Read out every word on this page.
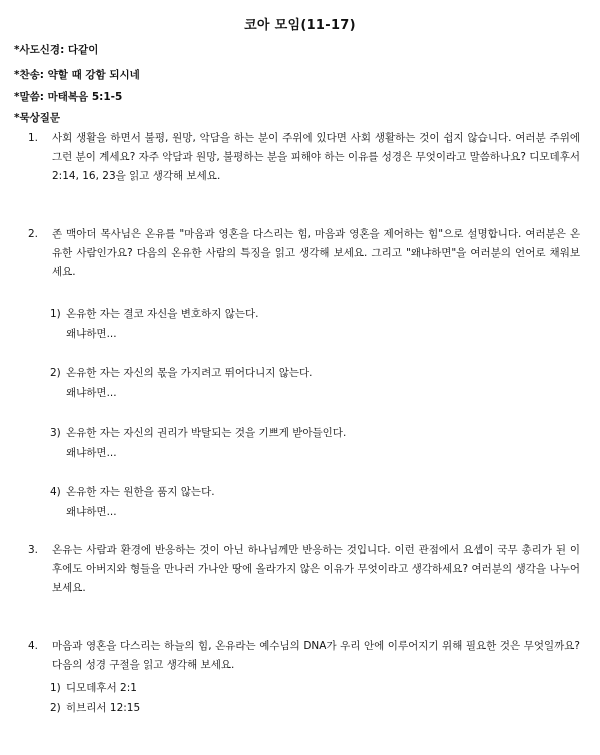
코아 모임(11-17)
*사도신경: 다같이
*찬송: 약할 때 강함 되시네
*말씀: 마태복음 5:1-5
*묵상질문
1. 사회 생활을 하면서 불평, 원망, 악담을 하는 분이 주위에 있다면 사회 생활하는 것이 쉽지 않습니다. 여러분 주위에 그런 분이 계세요? 자주 악담과 원망, 불평하는 분을 피해야 하는 이유를 성경은 무엇이라고 말씀하나요? 디모데후서 2:14, 16, 23을 읽고 생각해 보세요.
2. 존 맥아더 목사님은 온유를 "마음과 영혼을 다스리는 힘, 마음과 영혼을 제어하는 힘"으로 설명합니다. 여러분은 온유한 사람인가요? 다음의 온유한 사람의 특징을 읽고 생각해 보세요. 그리고 "왜냐하면"을 여러분의 언어로 채워보세요.
1) 온유한 자는 결코 자신을 변호하지 않는다.
왜냐하면...
2) 온유한 자는 자신의 몫을 가지려고 뛰어다니지 않는다.
왜냐하면...
3) 온유한 자는 자신의 권리가 박탈되는 것을 기쁘게 받아들인다.
왜냐하면...
4) 온유한 자는 원한을 품지 않는다.
왜냐하면...
3. 온유는 사람과 환경에 반응하는 것이 아닌 하나님께만 반응하는 것입니다. 이런 관점에서 요셉이 국무 총리가 된 이후에도 아버지와 형들을 만나러 가나안 땅에 올라가지 않은 이유가 무엇이라고 생각하세요? 여러분의 생각을 나누어 보세요.
4. 마음과 영혼을 다스리는 하늘의 힘, 온유라는 예수님의 DNA가 우리 안에 이루어지기 위해 필요한 것은 무엇일까요? 다음의 성경 구절을 읽고 생각해 보세요.
1) 디모데후서 2:1
2) 히브리서 12:15
